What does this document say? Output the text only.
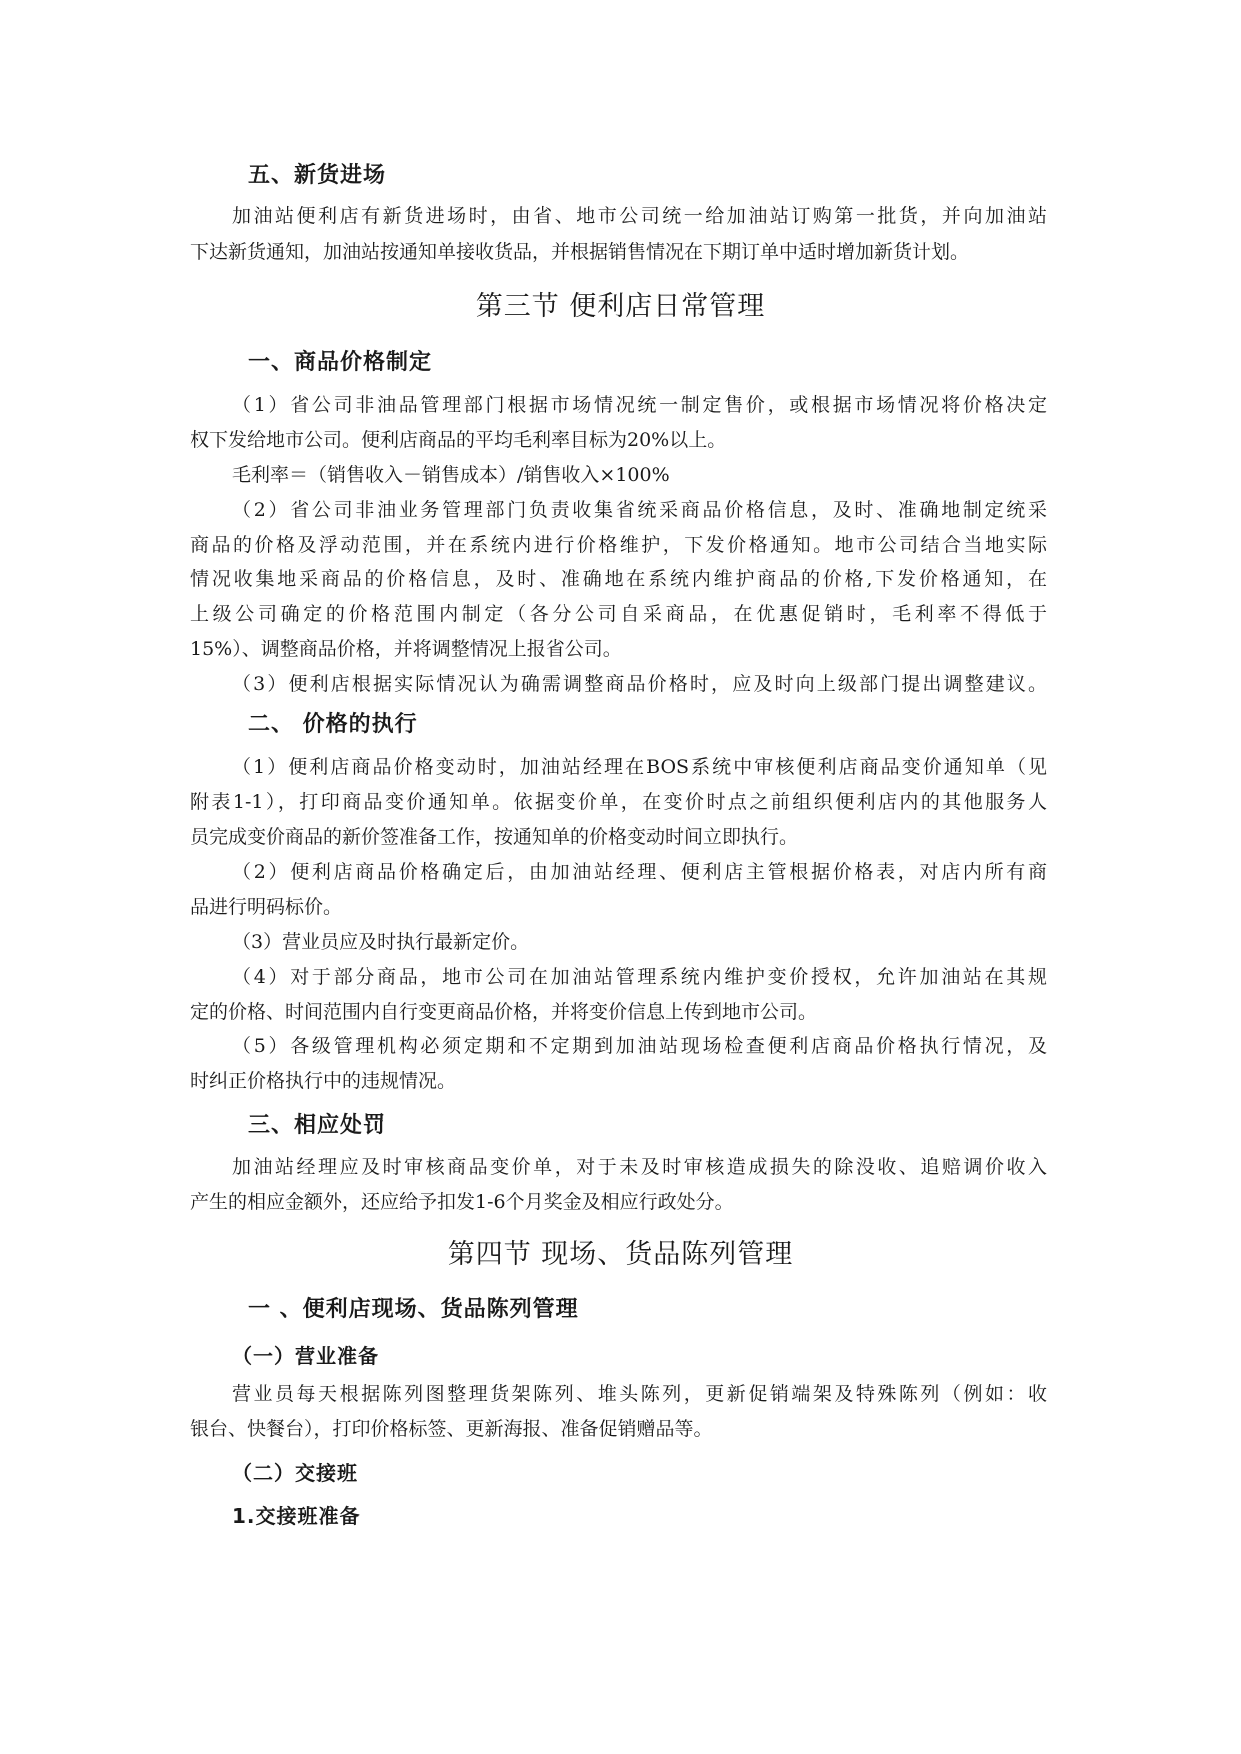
五、新货进场
加油站便利店有新货进场时，由省、地市公司统一给加油站订购第一批货，并向加油站
下达新货通知，加油站按通知单接收货品，并根据销售情况在下期订单中适时增加新货计划。
第三节 便利店日常管理
一、商品价格制定
（1）省公司非油品管理部门根据市场情况统一制定售价，或根据市场情况将价格决定
权下发给地市公司。便利店商品的平均毛利率目标为20%以上。
毛利率＝（销售收入－销售成本）/销售收入×100%
（2）省公司非油业务管理部门负责收集省统采商品价格信息，及时、准确地制定统采
商品的价格及浮动范围，并在系统内进行价格维护，下发价格通知。地市公司结合当地实际
情况收集地采商品的价格信息，及时、准确地在系统内维护商品的价格,下发价格通知，在
上级公司确定的价格范围内制定（各分公司自采商品，在优惠促销时，毛利率不得低于
15%）、调整商品价格，并将调整情况上报省公司。
（3）便利店根据实际情况认为确需调整商品价格时，应及时向上级部门提出调整建议。
二、 价格的执行
（1）便利店商品价格变动时，加油站经理在BOS系统中审核便利店商品变价通知单（见
附表1-1），打印商品变价通知单。依据变价单，在变价时点之前组织便利店内的其他服务人
员完成变价商品的新价签准备工作，按通知单的价格变动时间立即执行。
（2）便利店商品价格确定后，由加油站经理、便利店主管根据价格表，对店内所有商
品进行明码标价。
（3）营业员应及时执行最新定价。
（4）对于部分商品，地市公司在加油站管理系统内维护变价授权，允许加油站在其规
定的价格、时间范围内自行变更商品价格，并将变价信息上传到地市公司。
（5）各级管理机构必须定期和不定期到加油站现场检查便利店商品价格执行情况，及
时纠正价格执行中的违规情况。
三、相应处罚
加油站经理应及时审核商品变价单，对于未及时审核造成损失的除没收、追赔调价收入
产生的相应金额外，还应给予扣发1-6个月奖金及相应行政处分。
第四节 现场、货品陈列管理
一 、便利店现场、货品陈列管理
（一）营业准备
营业员每天根据陈列图整理货架陈列、堆头陈列，更新促销端架及特殊陈列（例如：收
银台、快餐台），打印价格标签、更新海报、准备促销赠品等。
（二）交接班
1.交接班准备
